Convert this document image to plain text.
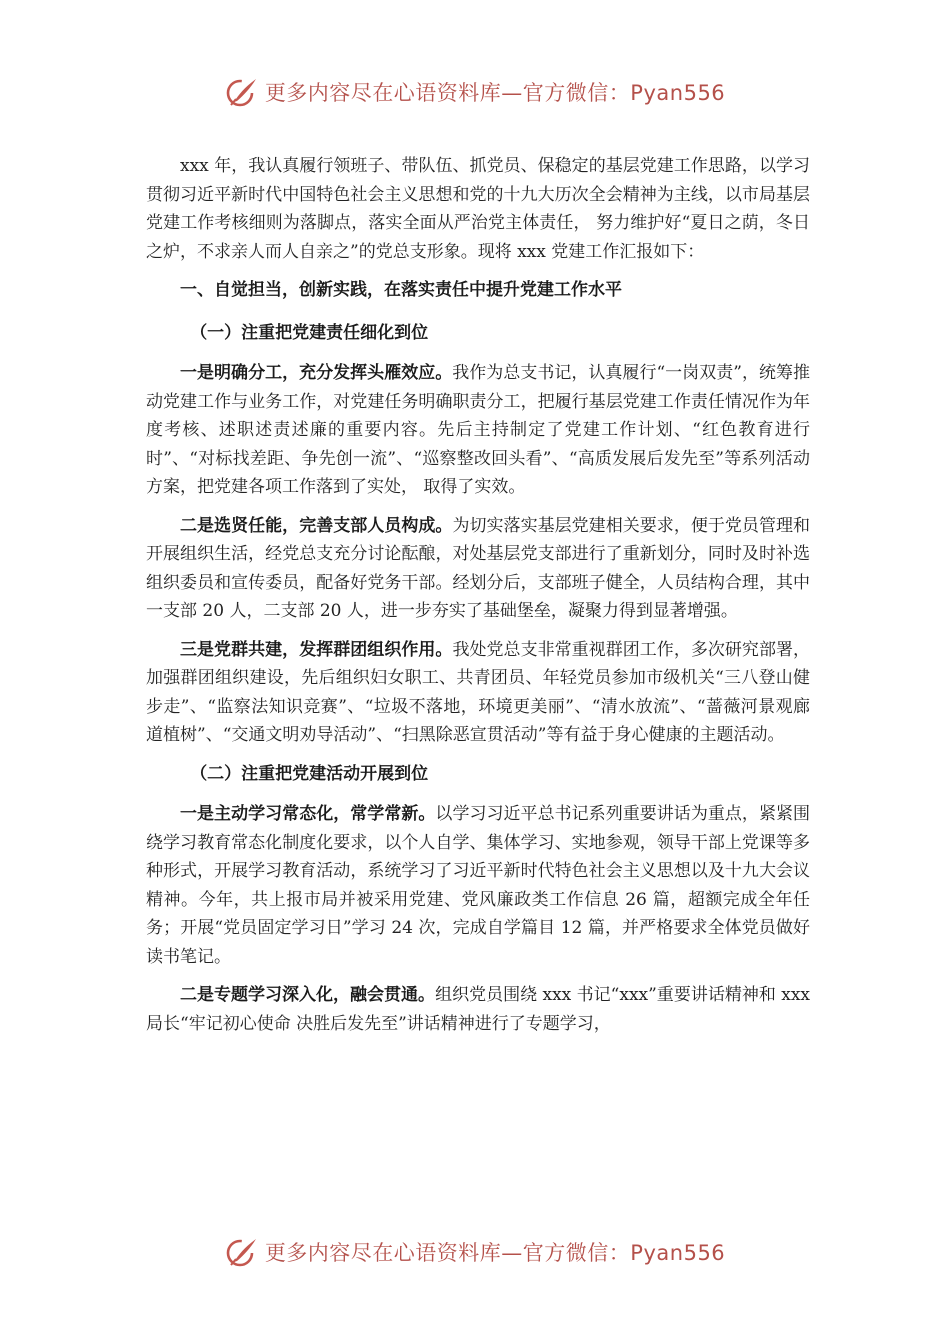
更多内容尽在心语资料库—官方微信：Pyan556

xxx 年，我认真履行领班子、带队伍、抓党员、保稳定的基层党建工作思路，以学习贯彻习近平新时代中国特色社会主义思想和党的十九大历次全会精神为主线，以市局基层党建工作考核细则为落脚点，落实全面从严治党主体责任， 努力维护好“夏日之荫，冬日之炉，不求亲人而人自亲之”的党总支形象。现将 xxx 党建工作汇报如下：

一、自觉担当，创新实践，在落实责任中提升党建工作水平

（一）注重把党建责任细化到位

一是明确分工，充分发挥头雁效应。我作为总支书记，认真履行“一岗双责”，统筹推动党建工作与业务工作，对党建任务明确职责分工，把履行基层党建工作责任情况作为年度考核、述职述责述廉的重要内容。先后主持制定了党建工作计划、“红色教育进行时”、“对标找差距、争先创一流”、“巡察整改回头看”、“高质发展后发先至”等系列活动方案，把党建各项工作落到了实处， 取得了实效。

二是选贤任能，完善支部人员构成。为切实落实基层党建相关要求，便于党员管理和开展组织生活，经党总支充分讨论酝酿，对处基层党支部进行了重新划分，同时及时补选组织委员和宣传委员，配备好党务干部。经划分后，支部班子健全，人员结构合理，其中一支部 20 人，二支部 20 人，进一步夯实了基础堡垒，凝聚力得到显著增强。

三是党群共建，发挥群团组织作用。我处党总支非常重视群团工作，多次研究部署，加强群团组织建设，先后组织妇女职工、共青团员、年轻党员参加市级机关“三八登山健步走”、“监察法知识竞赛”、“垃圾不落地，环境更美丽”、“清水放流”、“蔷薇河景观廊道植树”、“交通文明劝导活动”、“扫黑除恶宣贯活动”等有益于身心健康的主题活动。

（二）注重把党建活动开展到位

一是主动学习常态化，常学常新。以学习习近平总书记系列重要讲话为重点，紧紧围绕学习教育常态化制度化要求，以个人自学、集体学习、实地参观，领导干部上党课等多种形式，开展学习教育活动，系统学习了习近平新时代特色社会主义思想以及十九大会议精神。今年，共上报市局并被采用党建、党风廉政类工作信息 26 篇，超额完成全年任务；开展“党员固定学习日”学习 24 次，完成自学篇目 12 篇，并严格要求全体党员做好读书笔记。

二是专题学习深入化，融会贯通。组织党员围绕 xxx 书记“xxx”重要讲话精神和 xxx 局长“牢记初心使命 决胜后发先至”讲话精神进行了专题学习，

更多内容尽在心语资料库—官方微信：Pyan556
